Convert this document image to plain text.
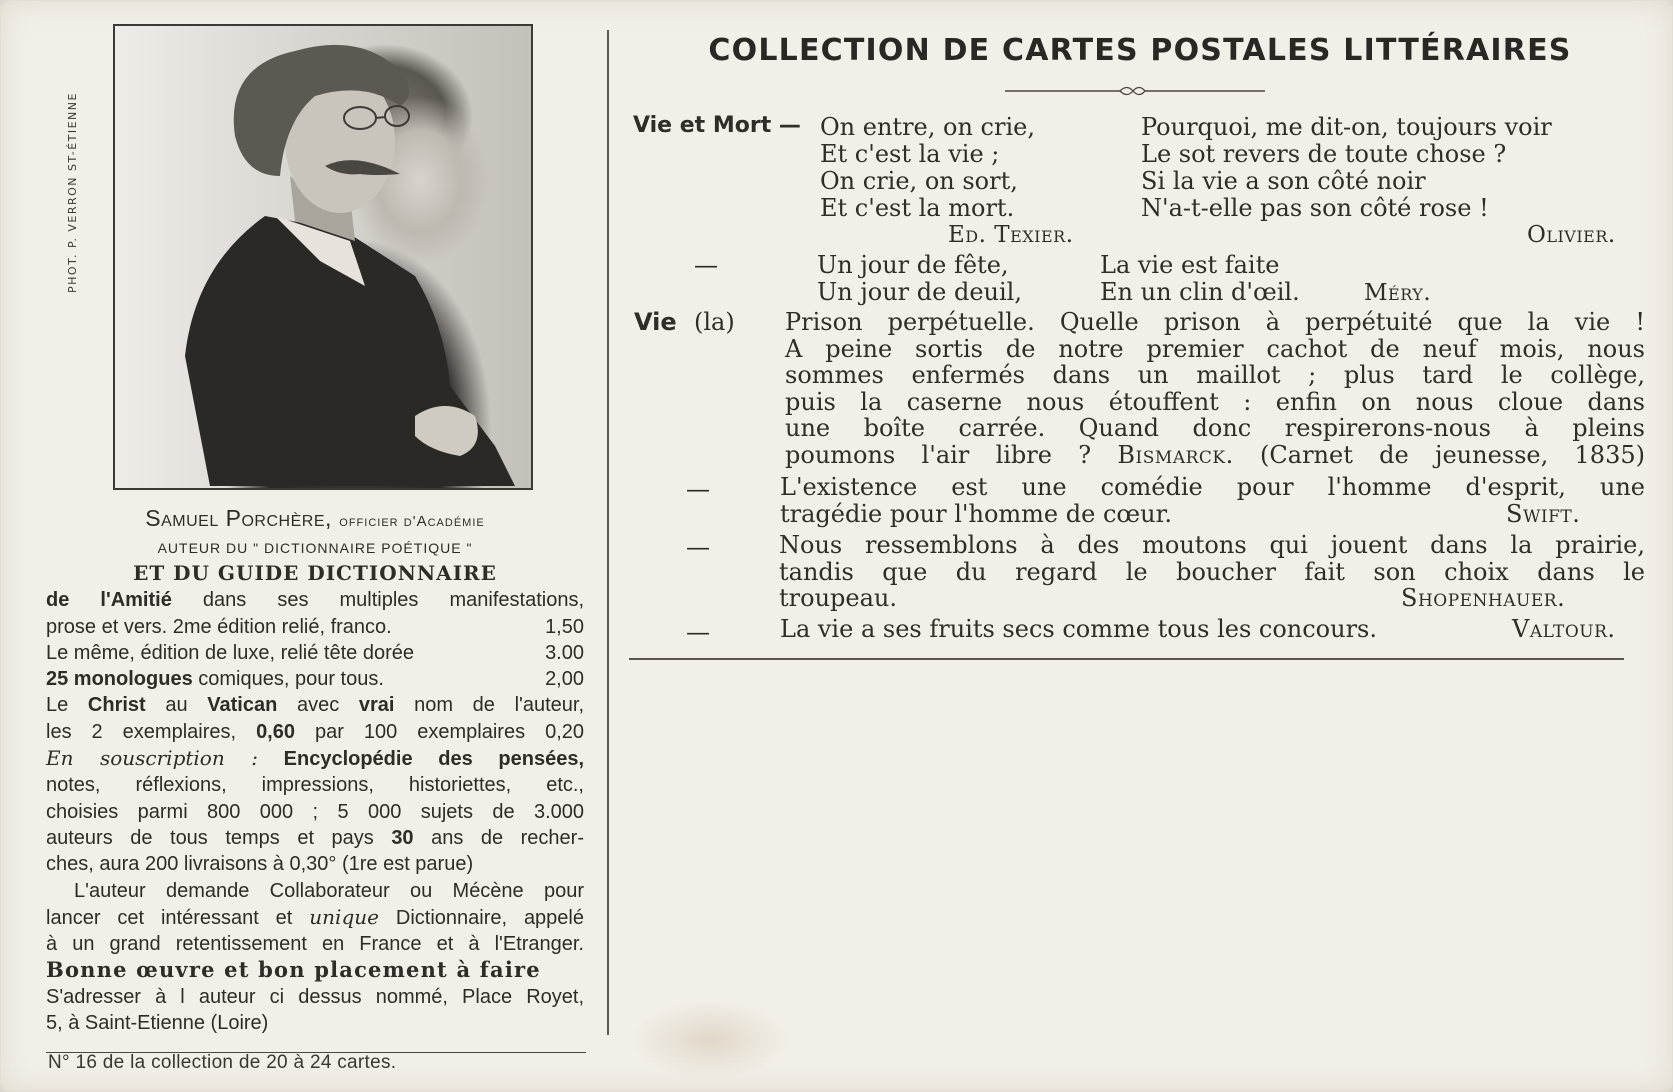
PHOT. P. VERRON ST-ÉTIENNE
Samuel Porchère, officier d'Académie
AUTEUR DU " DICTIONNAIRE POÉTIQUE "
ET DU GUIDE DICTIONNAIRE
de l'Amitié dans ses multiples manifestations,
prose et vers. 2me édition relié, franco.	1,50
Le même, édition de luxe, relié tête dorée	3.00
25 monologues comiques, pour tous.	2,00
Le Christ au Vatican avec vrai nom de l'auteur,
les 2 exemplaires, 0,60 par 100 exemplaires 0,20
En souscription : Encyclopédie des pensées,
notes, réflexions, impressions, historiettes, etc.,
choisies parmi 800 000 ; 5 000 sujets de 3.000
auteurs de tous temps et pays 30 ans de recher-
ches, aura 200 livraisons à 0,30° (1re est parue)
L'auteur demande Collaborateur ou Mécène pour
lancer cet intéressant et unique Dictionnaire, appelé
à un grand retentissement en France et à l'Etranger.
Bonne œuvre et bon placement à faire
S'adresser à l auteur ci dessus nommé, Place Royet,
5, à Saint-Etienne (Loire)
N° 16 de la collection de 20 à 24 cartes.
COLLECTION DE CARTES POSTALES LITTÉRAIRES
Vie et Mort — On entre, on crie,
Et c'est la vie ;
On crie, on sort,
Et c'est la mort.
Ed. Texier.
Pourquoi, me dit-on, toujours voir
Le sot revers de toute chose ?
Si la vie a son côté noir
N'a-t-elle pas son côté rose !
Olivier.
—	Un jour de fête,
Un jour de deuil,
La vie est faite
En un clin d'œil.	Méry.
Vie (la) Prison perpétuelle. Quelle prison à perpétuité que la vie !
A peine sortis de notre premier cachot de neuf mois, nous
sommes enfermés dans un maillot ; plus tard le collège,
puis la caserne nous étouffent : enfin on nous cloue dans
une boîte carrée. Quand donc respirerons-nous à pleins
poumons l'air libre ? Bismarck. (Carnet de jeunesse, 1835)
—	L'existence est une comédie pour l'homme d'esprit, une
tragédie pour l'homme de cœur.	Swift.
—	Nous ressemblons à des moutons qui jouent dans la prairie,
tandis que du regard le boucher fait son choix dans le
troupeau.	Shopenhauer.
—	La vie a ses fruits secs comme tous les concours.	Valtour.
